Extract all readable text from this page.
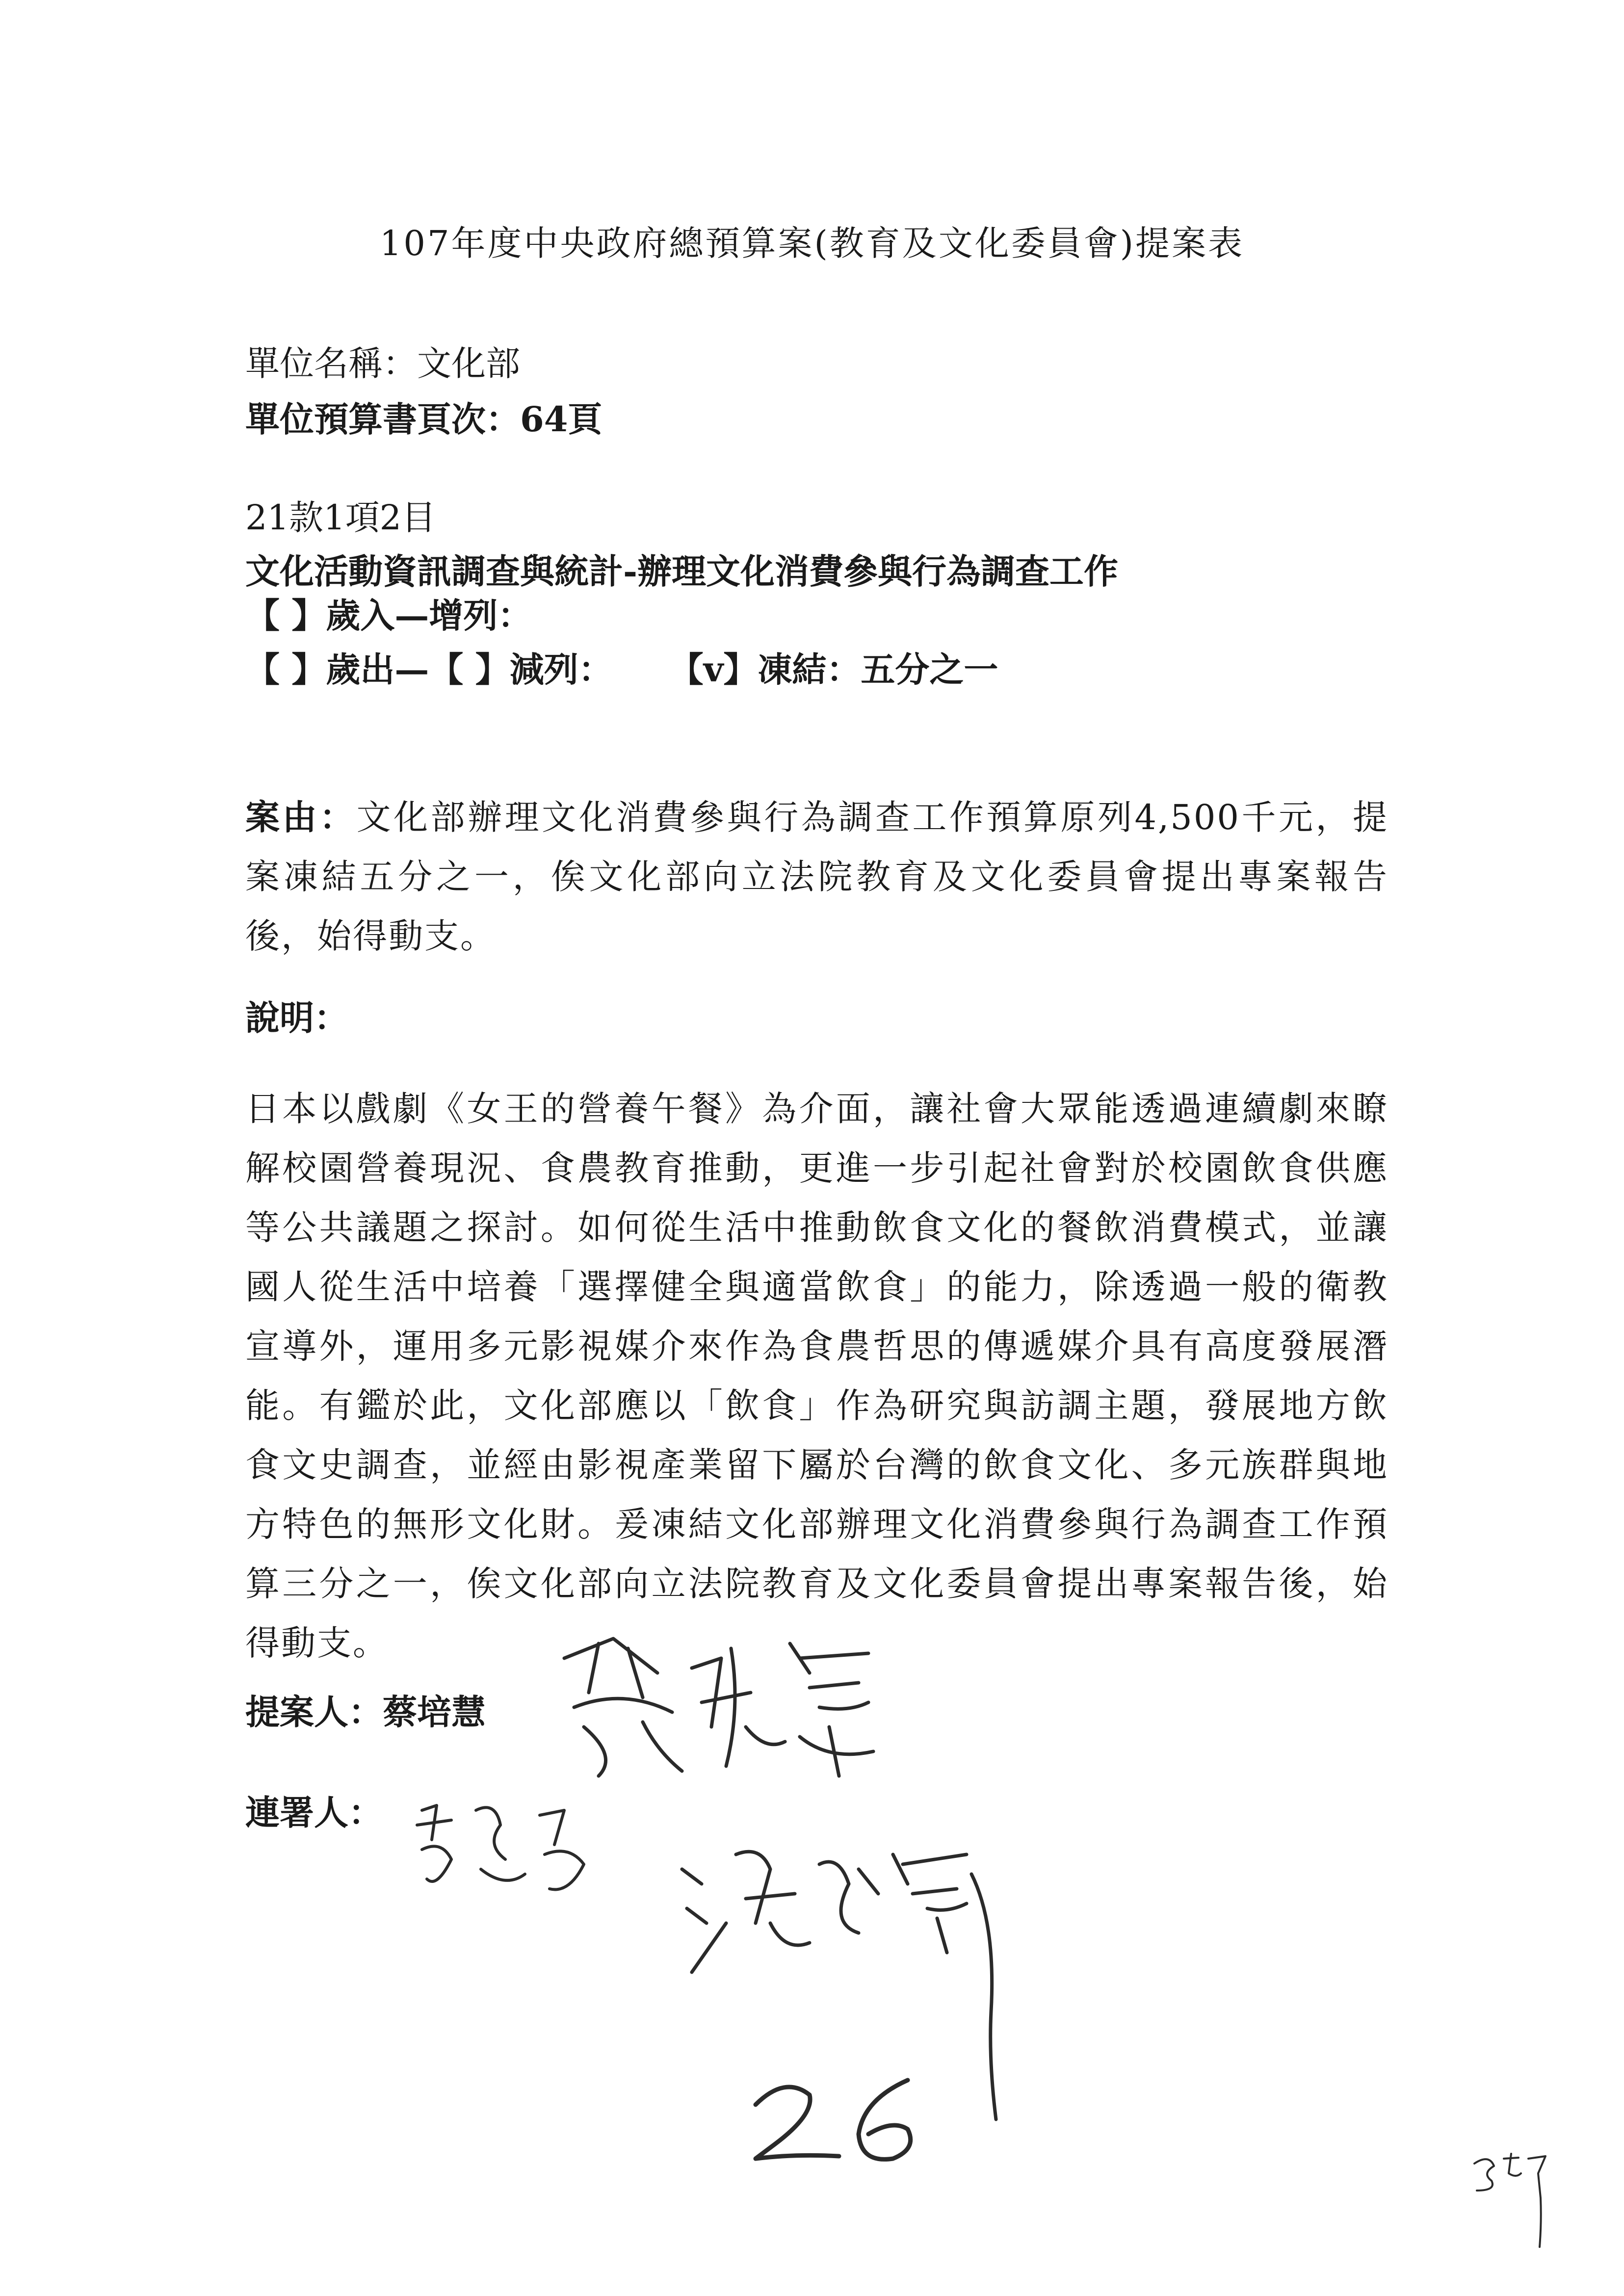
107年度中央政府總預算案(教育及文化委員會)提案表
單位名稱：文化部
單位預算書頁次：64頁
21款1項2目
文化活動資訊調查與統計-辦理文化消費參與行為調查工作
【 】歲入—增列：
【 】歲出—【 】減列： 【v】凍結：五分之一
案由：文化部辦理文化消費參與行為調查工作預算原列4,500千元，提案凍結五分之一，俟文化部向立法院教育及文化委員會提出專案報告後，始得動支。
說明：
日本以戲劇《女王的營養午餐》為介面，讓社會大眾能透過連續劇來瞭解校園營養現況、食農教育推動，更進一步引起社會對於校園飲食供應等公共議題之探討。如何從生活中推動飲食文化的餐飲消費模式，並讓國人從生活中培養「選擇健全與適當飲食」的能力，除透過一般的衛教宣導外，運用多元影視媒介來作為食農哲思的傳遞媒介具有高度發展潛能。有鑑於此，文化部應以「飲食」作為研究與訪調主題，發展地方飲食文史調查，並經由影視產業留下屬於台灣的飲食文化、多元族群與地方特色的無形文化財。爰凍結文化部辦理文化消費參與行為調查工作預算三分之一，俟文化部向立法院教育及文化委員會提出專案報告後，始得動支。
提案人：蔡培慧
連署人：
